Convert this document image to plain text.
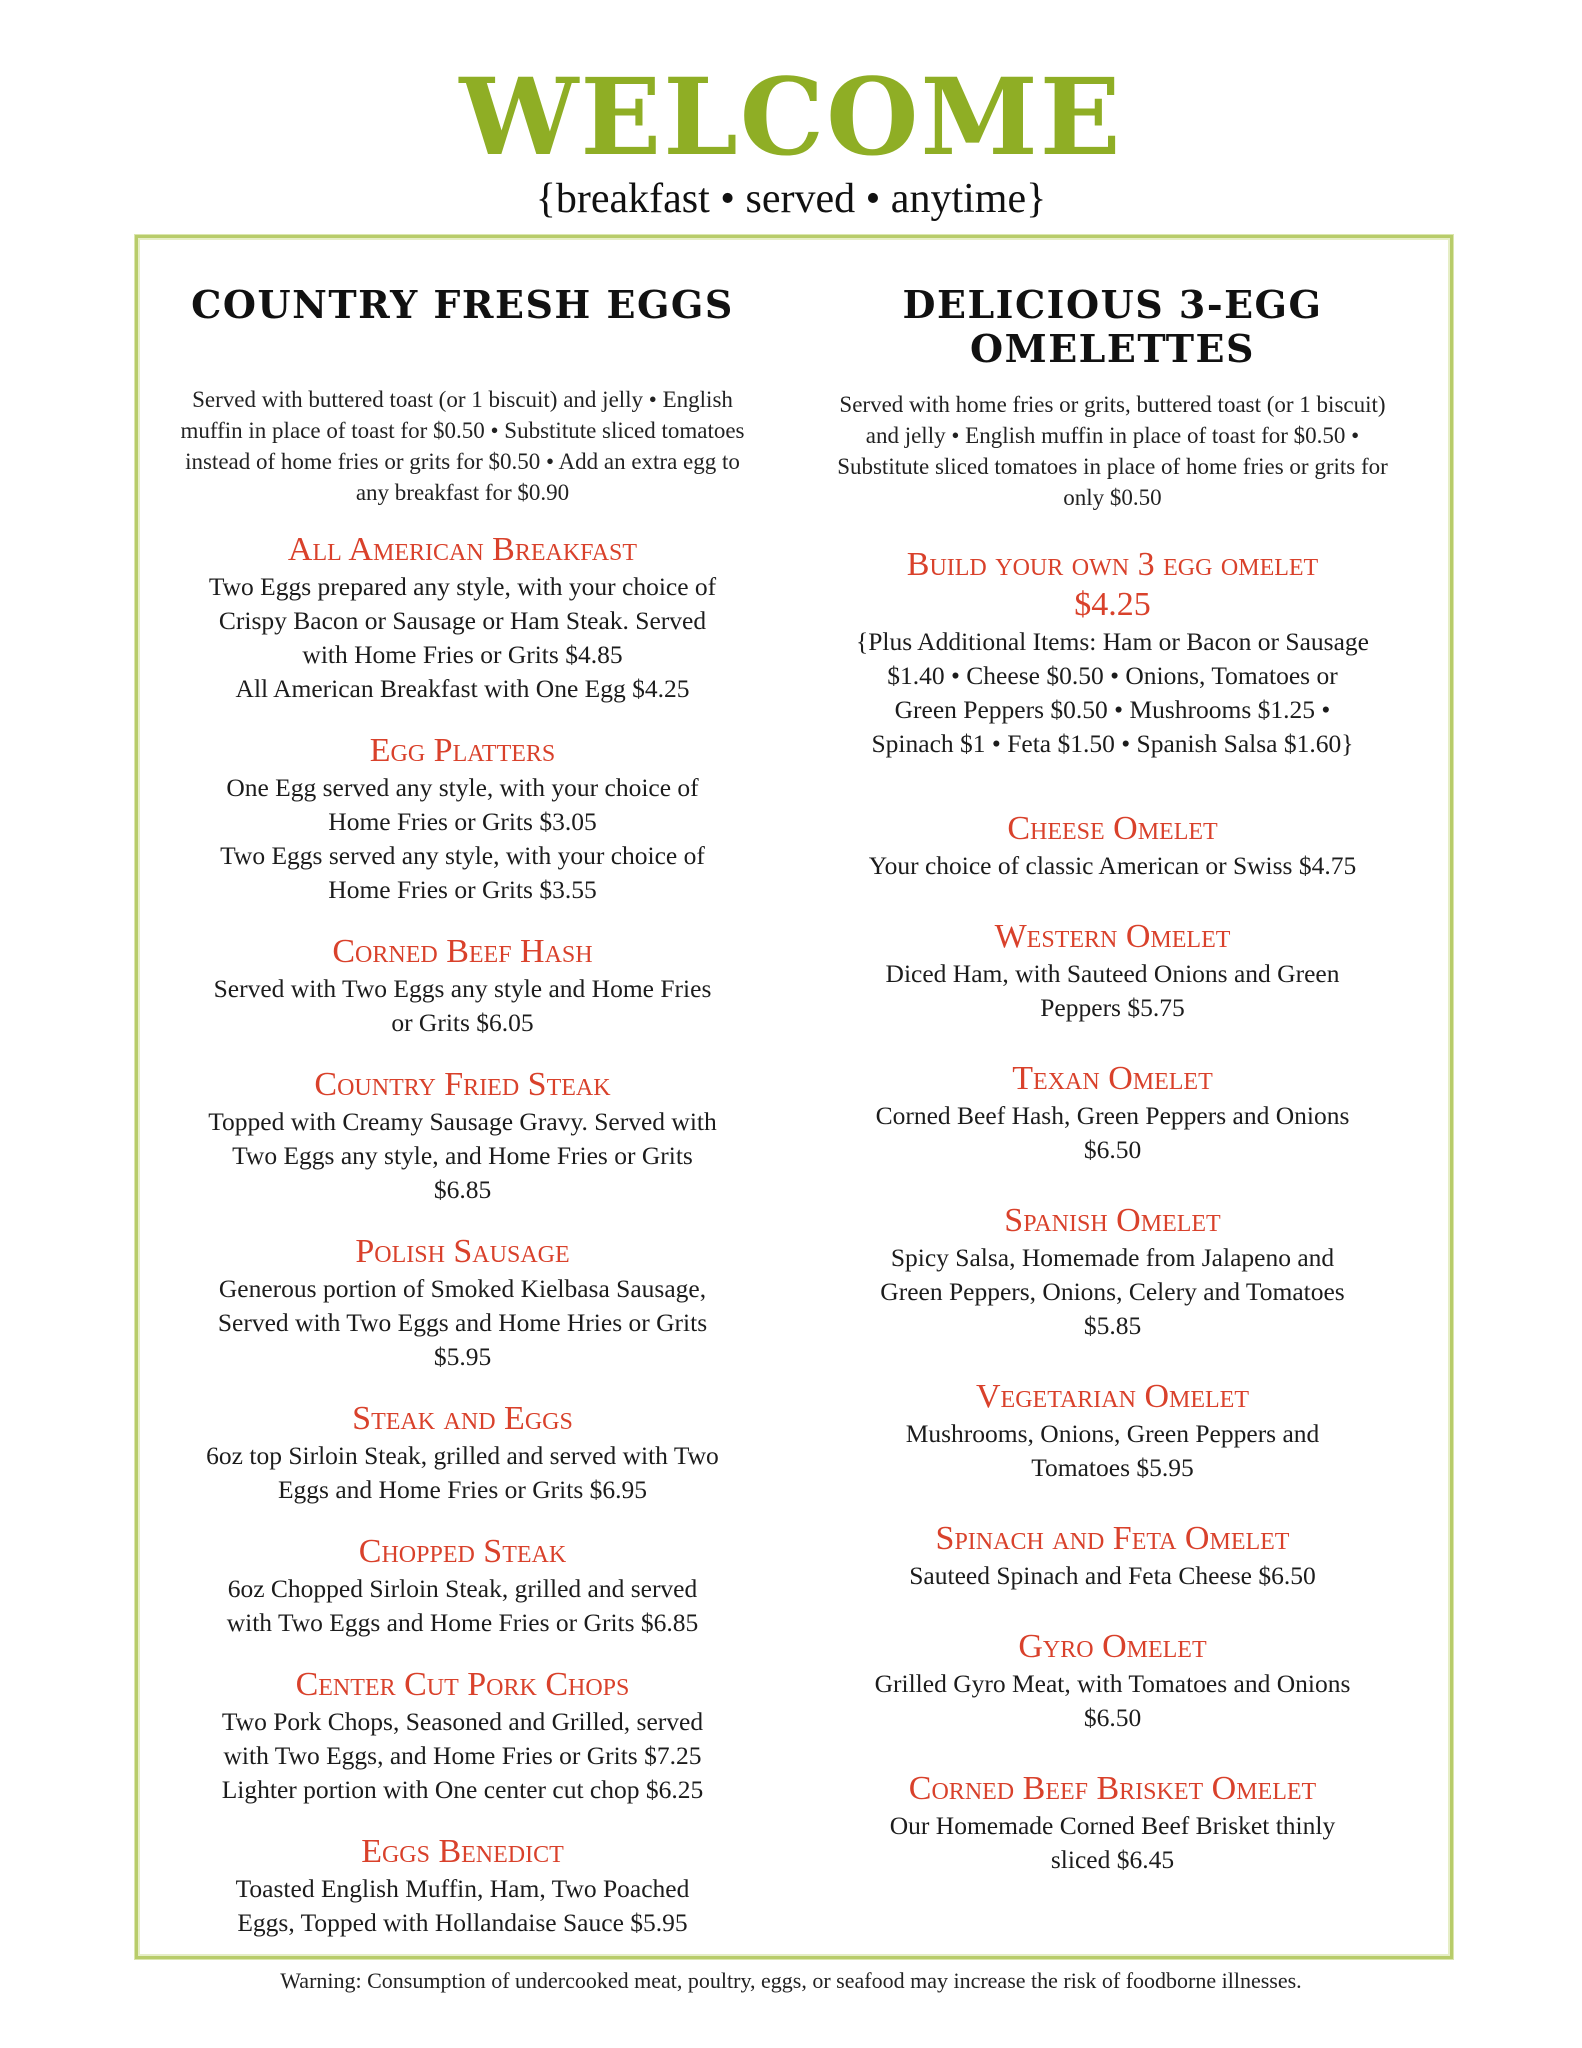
WELCOME
{breakfast • served • anytime}
COUNTRY FRESH EGGS
Served with buttered toast (or 1 biscuit) and jelly • English muffin in place of toast for $0.50 • Substitute sliced tomatoes instead of home fries or grits for $0.50 • Add an extra egg to any breakfast for $0.90
All American Breakfast
Two Eggs prepared any style, with your choice of
Crispy Bacon or Sausage or Ham Steak. Served
with Home Fries or Grits $4.85
All American Breakfast with One Egg $4.25
Egg Platters
One Egg served any style, with your choice of
Home Fries or Grits $3.05
Two Eggs served any style, with your choice of
Home Fries or Grits $3.55
Corned Beef Hash
Served with Two Eggs any style and Home Fries
or Grits $6.05
Country Fried Steak
Topped with Creamy Sausage Gravy. Served with
Two Eggs any style, and Home Fries or Grits
$6.85
Polish Sausage
Generous portion of Smoked Kielbasa Sausage,
Served with Two Eggs and Home Hries or Grits
$5.95
Steak and Eggs
6oz top Sirloin Steak, grilled and served with Two
Eggs and Home Fries or Grits $6.95
Chopped Steak
6oz Chopped Sirloin Steak, grilled and served
with Two Eggs and Home Fries or Grits $6.85
Center Cut Pork Chops
Two Pork Chops, Seasoned and Grilled, served
with Two Eggs, and Home Fries or Grits $7.25
Lighter portion with One center cut chop $6.25
Eggs Benedict
Toasted English Muffin, Ham, Two Poached
Eggs, Topped with Hollandaise Sauce $5.95
DELICIOUS 3-EGG OMELETTES
Served with home fries or grits, buttered toast (or 1 biscuit) and jelly • English muffin in place of toast for $0.50 • Substitute sliced tomatoes in place of home fries or grits for only $0.50
Build your own 3 egg omelet
$4.25
{Plus Additional Items: Ham or Bacon or Sausage
$1.40 • Cheese $0.50 • Onions, Tomatoes or
Green Peppers $0.50 • Mushrooms $1.25 •
Spinach $1 • Feta $1.50 • Spanish Salsa $1.60}
Cheese Omelet
Your choice of classic American or Swiss $4.75
Western Omelet
Diced Ham, with Sauteed Onions and Green
Peppers $5.75
Texan Omelet
Corned Beef Hash, Green Peppers and Onions
$6.50
Spanish Omelet
Spicy Salsa, Homemade from Jalapeno and
Green Peppers, Onions, Celery and Tomatoes
$5.85
Vegetarian Omelet
Mushrooms, Onions, Green Peppers and
Tomatoes $5.95
Spinach and Feta Omelet
Sauteed Spinach and Feta Cheese $6.50
Gyro Omelet
Grilled Gyro Meat, with Tomatoes and Onions
$6.50
Corned Beef Brisket Omelet
Our Homemade Corned Beef Brisket thinly
sliced $6.45
Warning: Consumption of undercooked meat, poultry, eggs, or seafood may increase the risk of foodborne illnesses.
